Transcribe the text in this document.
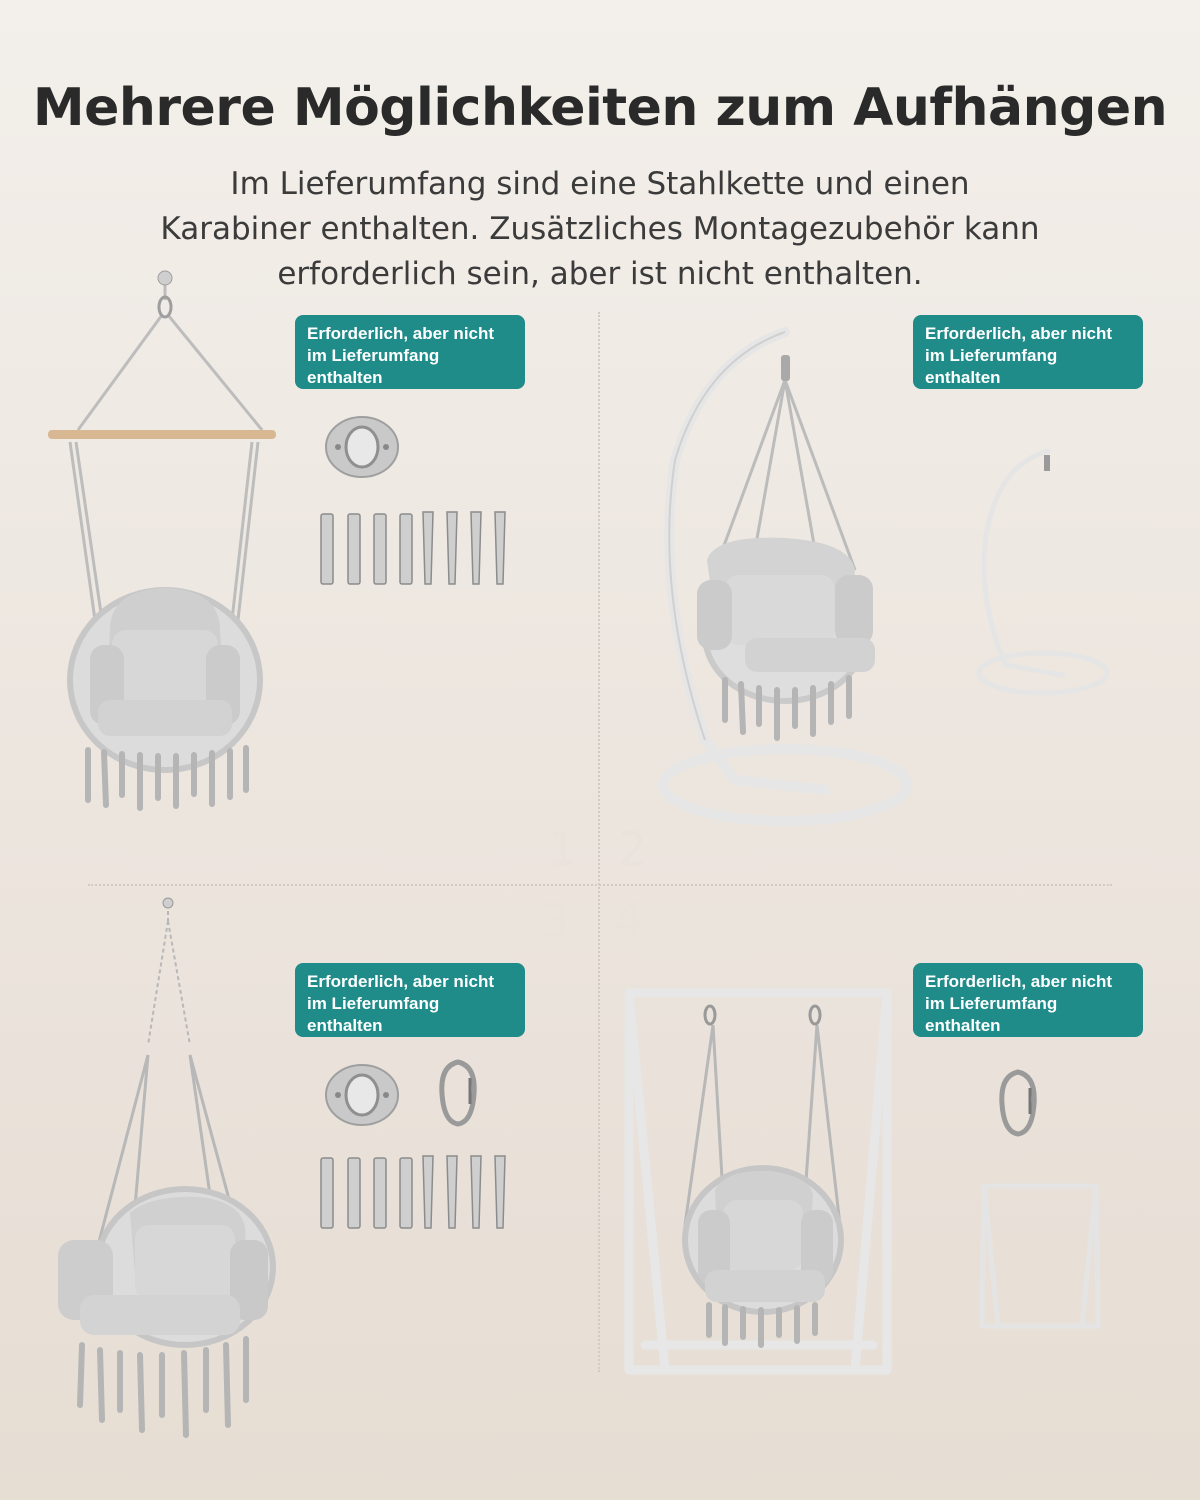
Mehrere Möglichkeiten zum Aufhängen
Im Lieferumfang sind eine Stahlkette und einen
Karabiner enthalten. Zusätzliches Montagezubehör kann
erforderlich sein, aber ist nicht enthalten.
1 2
3 4
Erforderlich, aber nicht
im Lieferumfang
enthalten
Erforderlich, aber nicht
im Lieferumfang
enthalten
Erforderlich, aber nicht
im Lieferumfang
enthalten
Erforderlich, aber nicht
im Lieferumfang
enthalten
